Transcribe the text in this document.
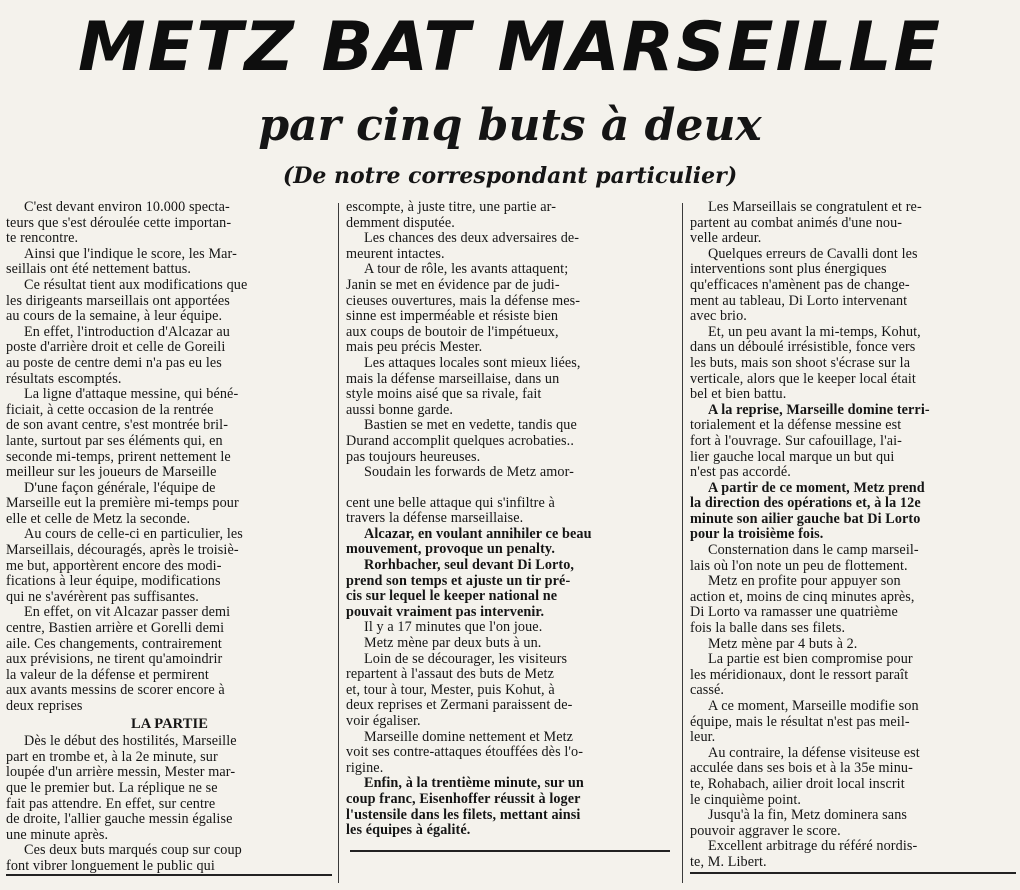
METZ BAT MARSEILLE
par cinq buts à deux
(De notre correspondant particulier)
C'est devant environ 10.000 specta-
teurs que s'est déroulée cette importan-
te rencontre.
Ainsi que l'indique le score, les Mar-
seillais ont été nettement battus.
Ce résultat tient aux modifications que
les dirigeants marseillais ont apportées
au cours de la semaine, à leur équipe.
En effet, l'introduction d'Alcazar au
poste d'arrière droit et celle de Goreili
au poste de centre demi n'a pas eu les
résultats escomptés.
La ligne d'attaque messine, qui béné-
ficiait, à cette occasion de la rentrée
de son avant centre, s'est montrée bril-
lante, surtout par ses éléments qui, en
seconde mi-temps, prirent nettement le
meilleur sur les joueurs de Marseille
D'une façon générale, l'équipe de
Marseille eut la première mi-temps pour
elle et celle de Metz la seconde.
Au cours de celle-ci en particulier, les
Marseillais, découragés, après le troisiè-
me but, apportèrent encore des modi-
fications à leur équipe, modifications
qui ne s'avérèrent pas suffisantes.
En effet, on vit Alcazar passer demi
centre, Bastien arrière et Gorelli demi
aile. Ces changements, contrairement
aux prévisions, ne tirent qu'amoindrir
la valeur de la défense et permirent
aux avants messins de scorer encore à
deux reprises
LA PARTIE
Dès le début des hostilités, Marseille
part en trombe et, à la 2e minute, sur
loupée d'un arrière messin, Mester mar-
que le premier but. La réplique ne se
fait pas attendre. En effet, sur centre
de droite, l'allier gauche messin égalise
une minute après.
Ces deux buts marqués coup sur coup
font vibrer longuement le public qui
escompte, à juste titre, une partie ar-
demment disputée.
Les chances des deux adversaires de-
meurent intactes.
A tour de rôle, les avants attaquent;
Janin se met en évidence par de judi-
cieuses ouvertures, mais la défense mes-
sinne est imperméable et résiste bien
aux coups de boutoir de l'impétueux,
mais peu précis Mester.
Les attaques locales sont mieux liées,
mais la défense marseillaise, dans un
style moins aisé que sa rivale, fait
aussi bonne garde.
Bastien se met en vedette, tandis que
Durand accomplit quelques acrobaties..
pas toujours heureuses.
Soudain les forwards de Metz amor-
cent une belle attaque qui s'infiltre à
travers la défense marseillaise.
Alcazar, en voulant annihiler ce beau
mouvement, provoque un penalty.
Rorhbacher, seul devant Di Lorto,
prend son temps et ajuste un tir pré-
cis sur lequel le keeper national ne
pouvait vraiment pas intervenir.
Il y a 17 minutes que l'on joue.
Metz mène par deux buts à un.
Loin de se décourager, les visiteurs
repartent à l'assaut des buts de Metz
et, tour à tour, Mester, puis Kohut, à
deux reprises et Zermani paraissent de-
voir égaliser.
Marseille domine nettement et Metz
voit ses contre-attaques étouffées dès l'o-
rigine.
Enfin, à la trentième minute, sur un
coup franc, Eisenhoffer réussit à loger
l'ustensile dans les filets, mettant ainsi
les équipes à égalité.
Les Marseillais se congratulent et re-
partent au combat animés d'une nou-
velle ardeur.
Quelques erreurs de Cavalli dont les
interventions sont plus énergiques
qu'efficaces n'amènent pas de change-
ment au tableau, Di Lorto intervenant
avec brio.
Et, un peu avant la mi-temps, Kohut,
dans un déboulé irrésistible, fonce vers
les buts, mais son shoot s'écrase sur la
verticale, alors que le keeper local était
bel et bien battu.
A la reprise, Marseille domine terri-
torialement et la défense messine est
fort à l'ouvrage. Sur cafouillage, l'ai-
lier gauche local marque un but qui
n'est pas accordé.
A partir de ce moment, Metz prend
la direction des opérations et, à la 12e
minute son ailier gauche bat Di Lorto
pour la troisième fois.
Consternation dans le camp marseil-
lais où l'on note un peu de flottement.
Metz en profite pour appuyer son
action et, moins de cinq minutes après,
Di Lorto va ramasser une quatrième
fois la balle dans ses filets.
Metz mène par 4 buts à 2.
La partie est bien compromise pour
les méridionaux, dont le ressort paraît
cassé.
A ce moment, Marseille modifie son
équipe, mais le résultat n'est pas meil-
leur.
Au contraire, la défense visiteuse est
acculée dans ses bois et à la 35e minu-
te, Rohabach, ailier droit local inscrit
le cinquième point.
Jusqu'à la fin, Metz dominera sans
pouvoir aggraver le score.
Excellent arbitrage du référé nordis-
te, M. Libert.
